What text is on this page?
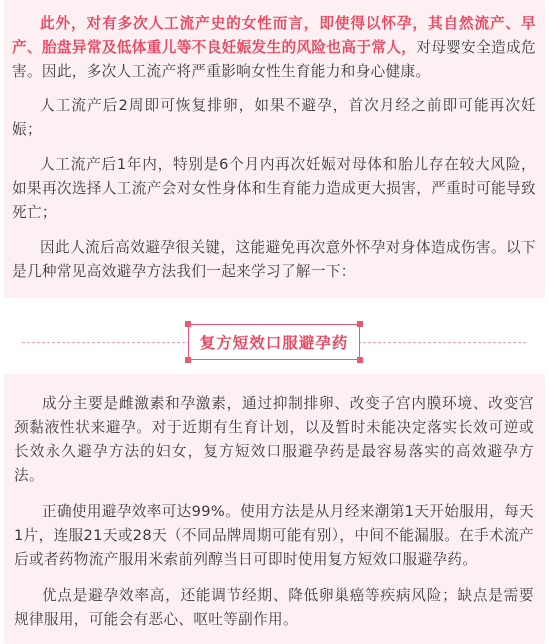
此外，对有多次人工流产史的女性而言，即使得以怀孕，其自然流产、早产、胎盘异常及低体重儿等不良妊娠发生的风险也高于常人，对母婴安全造成危害。因此，多次人工流产将严重影响女性生育能力和身心健康。

人工流产后2周即可恢复排卵，如果不避孕，首次月经之前即可能再次妊娠；

人工流产后1年内，特别是6个月内再次妊娠对母体和胎儿存在较大风险，如果再次选择人工流产会对女性身体和生育能力造成更大损害，严重时可能导致死亡；

因此人流后高效避孕很关键，这能避免再次意外怀孕对身体造成伤害。以下是几种常见高效避孕方法我们一起来学习了解一下：

复方短效口服避孕药

成分主要是雌激素和孕激素，通过抑制排卵、改变子宫内膜环境、改变宫颈黏液性状来避孕。对于近期有生育计划，以及暂时未能决定落实长效可逆或长效永久避孕方法的妇女，复方短效口服避孕药是最容易落实的高效避孕方法。

正确使用避孕效率可达99%。使用方法是从月经来潮第1天开始服用，每天1片，连服21天或28天（不同品牌周期可能有别），中间不能漏服。在手术流产后或者药物流产服用米索前列醇当日可即时使用复方短效口服避孕药。

优点是避孕效率高，还能调节经期、降低卵巢癌等疾病风险；缺点是需要规律服用，可能会有恶心、呕吐等副作用。
